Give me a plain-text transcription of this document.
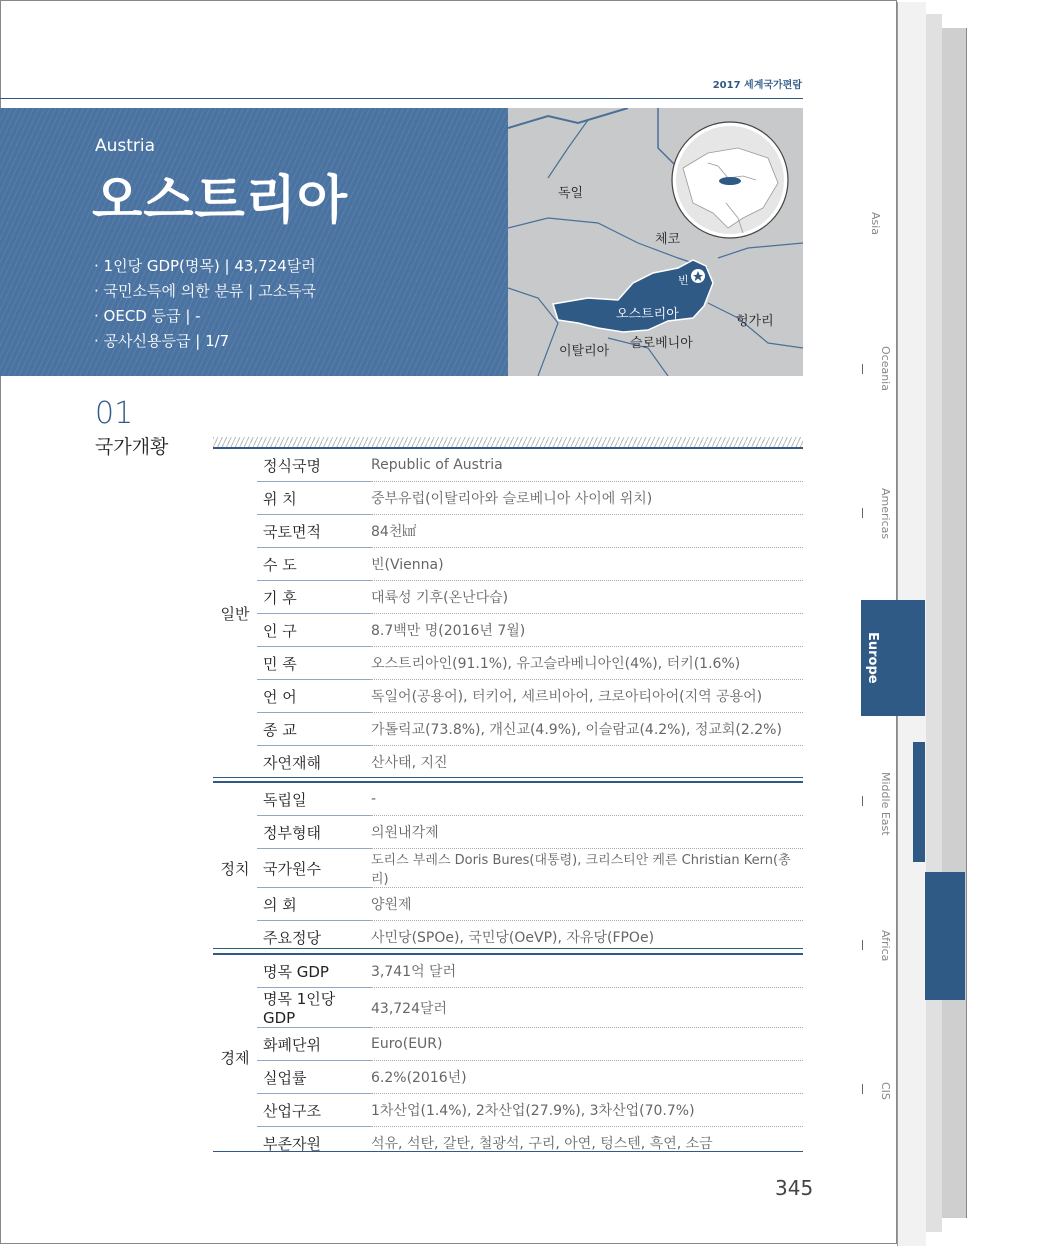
2017 세계국가편람
Austria
오스트리아
· 1인당 GDP(명목) | 43,724달러
· 국민소득에 의한 분류 | 고소득국
· OECD 등급 | -
· 공사신용등급 | 1/7
독일
체코
빈
오스트리아	헝가리
이탈리아
슬로베니아
01
국가개황
일반	정식국명	Republic of Austria
	위 치	중부유럽(이탈리아와 슬로베니아 사이에 위치)
	국토면적	84천㎢
	수 도	빈(Vienna)
	기 후	대륙성 기후(온난다습)
	인 구	8.7백만 명(2016년 7월)
	민 족	오스트리아인(91.1%), 유고슬라베니아인(4%), 터키(1.6%)
	언 어	독일어(공용어), 터키어, 세르비아어, 크로아티아어(지역 공용어)
	종 교	가톨릭교(73.8%), 개신교(4.9%), 이슬람교(4.2%), 정교회(2.2%)
	자연재해	산사태, 지진
정치	독립일	-
	정부형태	의원내각제
	국가원수	도리스 부레스 Doris Bures(대통령), 크리스티안 케른 Christian Kern(총리)
	의 회	양원제
	주요정당	사민당(SPOe), 국민당(OeVP), 자유당(FPOe)
경제	명목 GDP	3,741억 달러
	명목 1인당 GDP	43,724달러
	화폐단위	Euro(EUR)
	실업률	6.2%(2016년)
	산업구조	1차산업(1.4%), 2차산업(27.9%), 3차산업(70.7%)
	부존자원	석유, 석탄, 갈탄, 철광석, 구리, 아연, 텅스텐, 흑연, 소금
Asia
Oceania
Americas
Europe
Middle East
Africa
CIS
345
